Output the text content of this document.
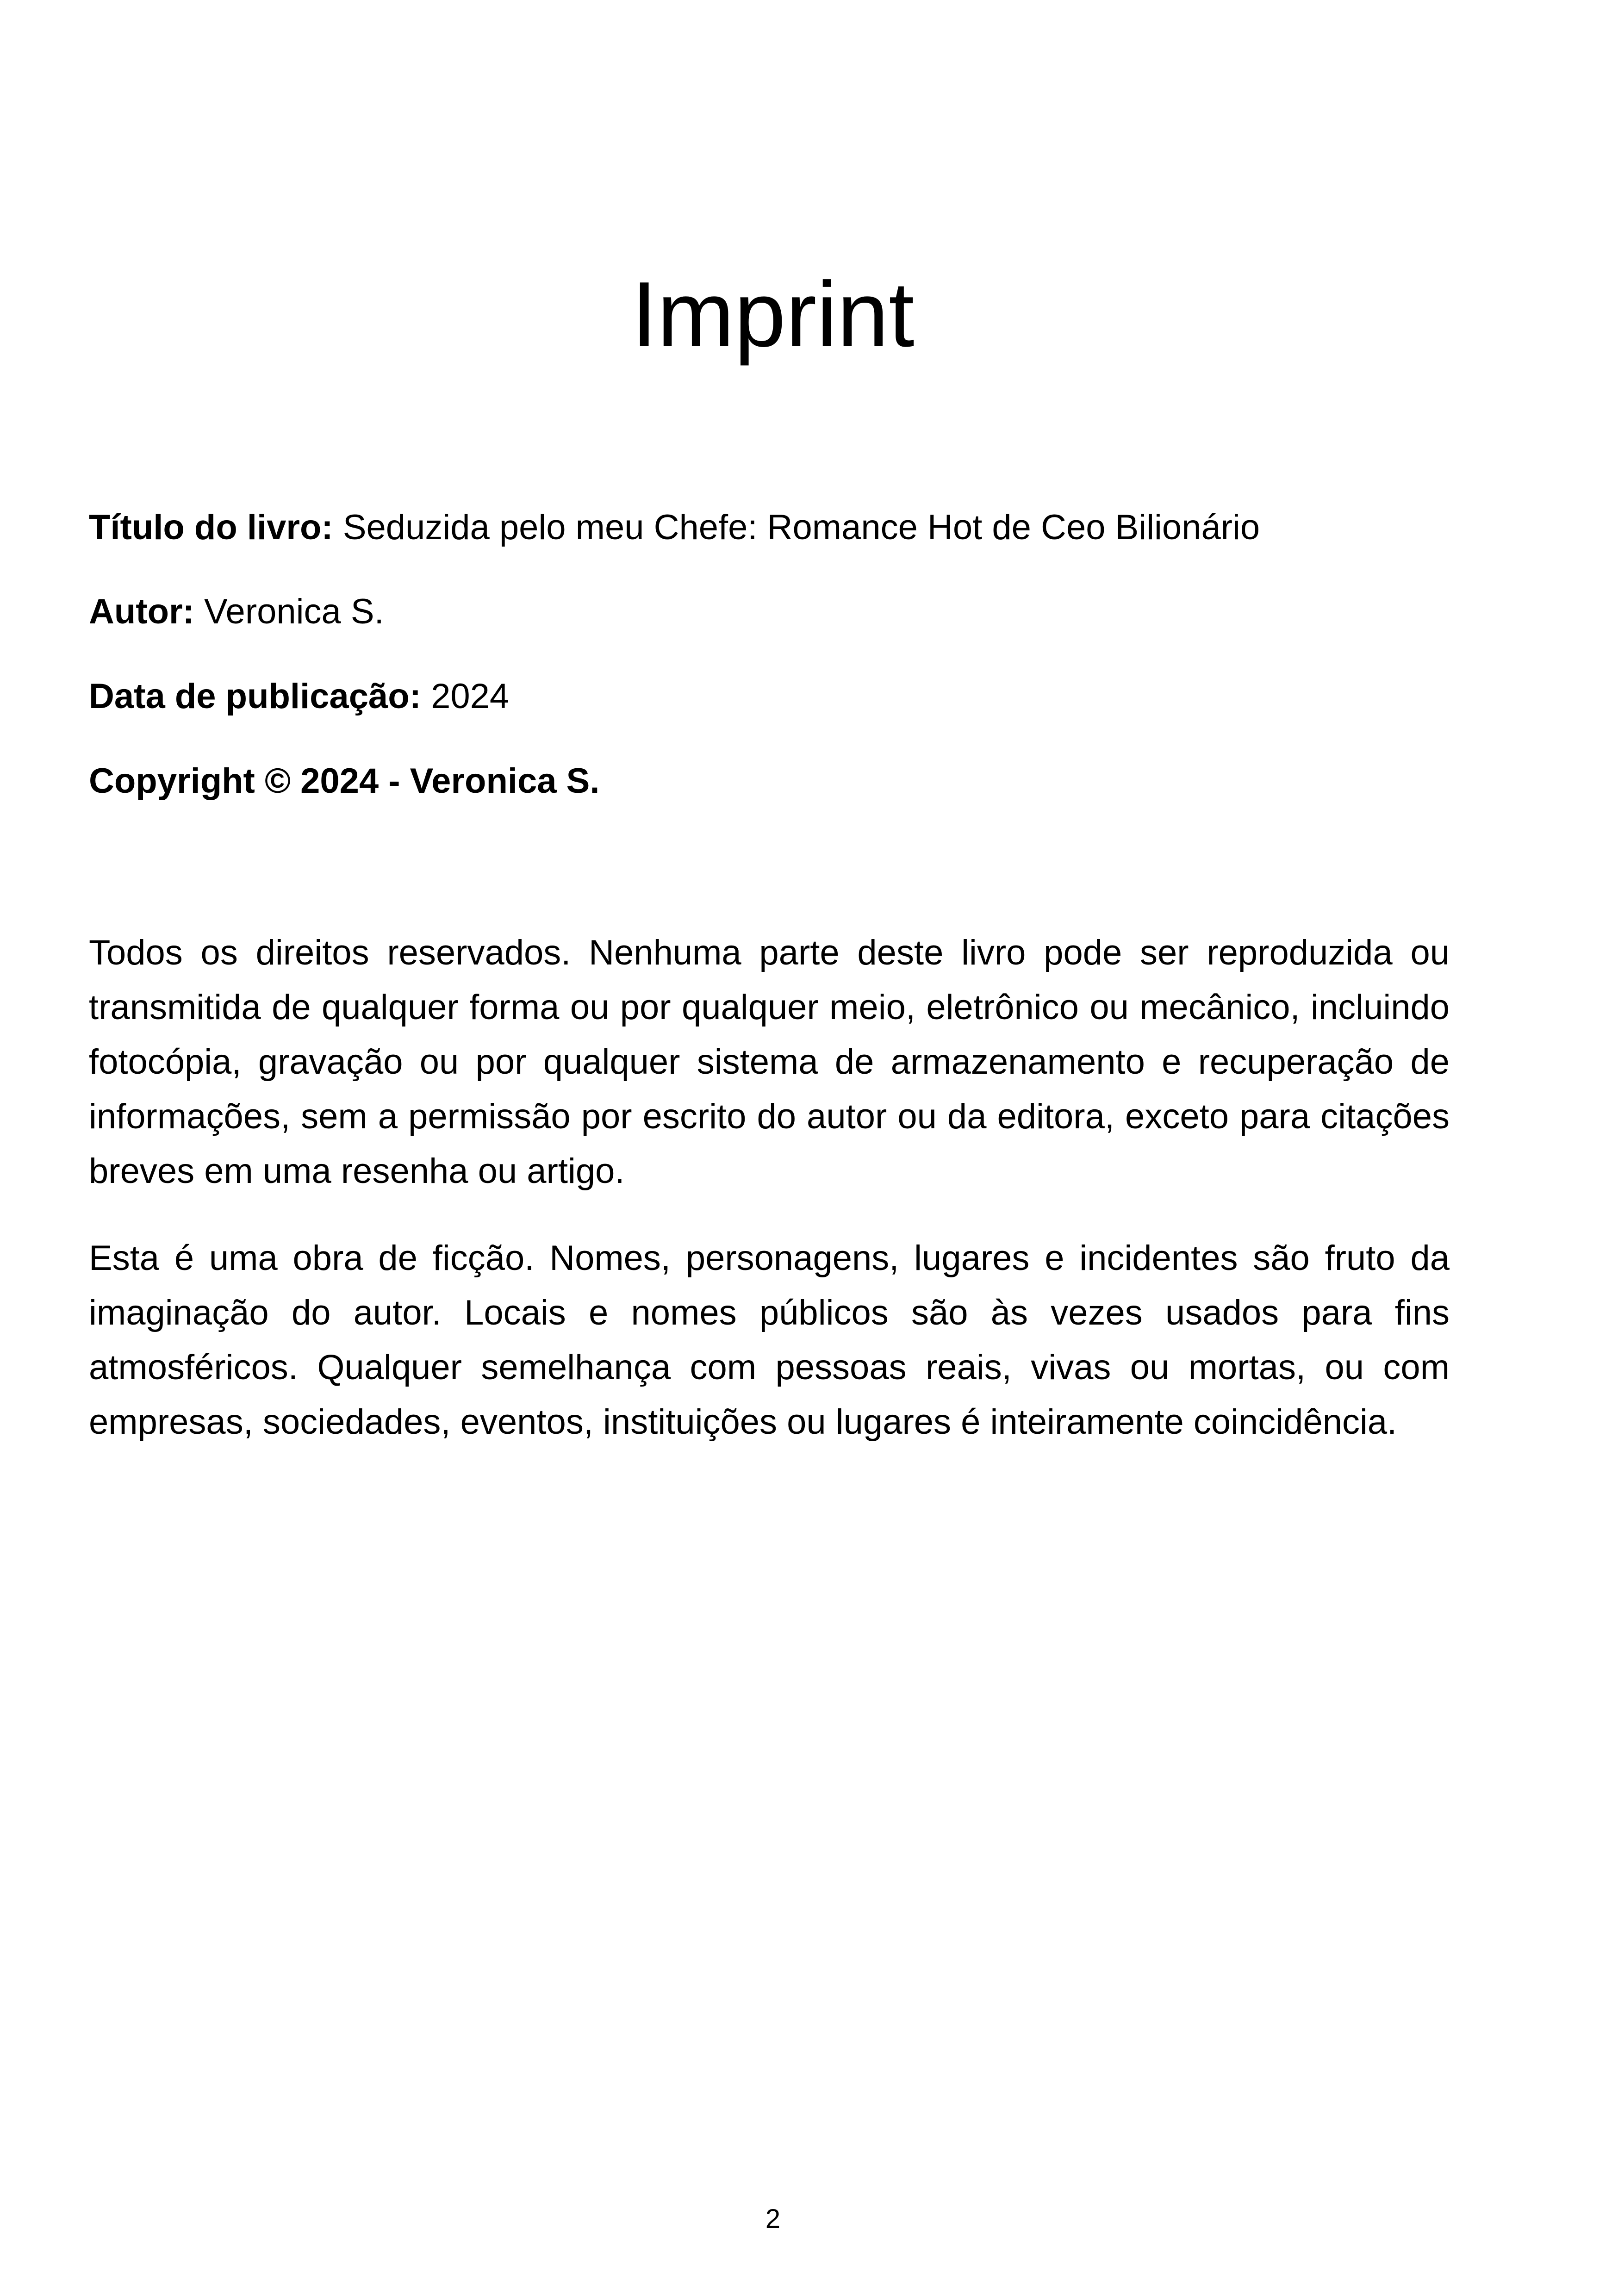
Imprint

Título do livro: Seduzida pelo meu Chefe: Romance Hot de Ceo Bilionário

Autor: Veronica S.

Data de publicação: 2024

Copyright © 2024 - Veronica S.

Todos os direitos reservados. Nenhuma parte deste livro pode ser reproduzida ou transmitida de qualquer forma ou por qualquer meio, eletrônico ou mecânico, incluindo fotocópia, gravação ou por qualquer sistema de armazenamento e recuperação de informações, sem a permissão por escrito do autor ou da editora, exceto para citações breves em uma resenha ou artigo.

Esta é uma obra de ficção. Nomes, personagens, lugares e incidentes são fruto da imaginação do autor. Locais e nomes públicos são às vezes usados para fins atmosféricos. Qualquer semelhança com pessoas reais, vivas ou mortas, ou com empresas, sociedades, eventos, instituições ou lugares é inteiramente coincidência.

2
